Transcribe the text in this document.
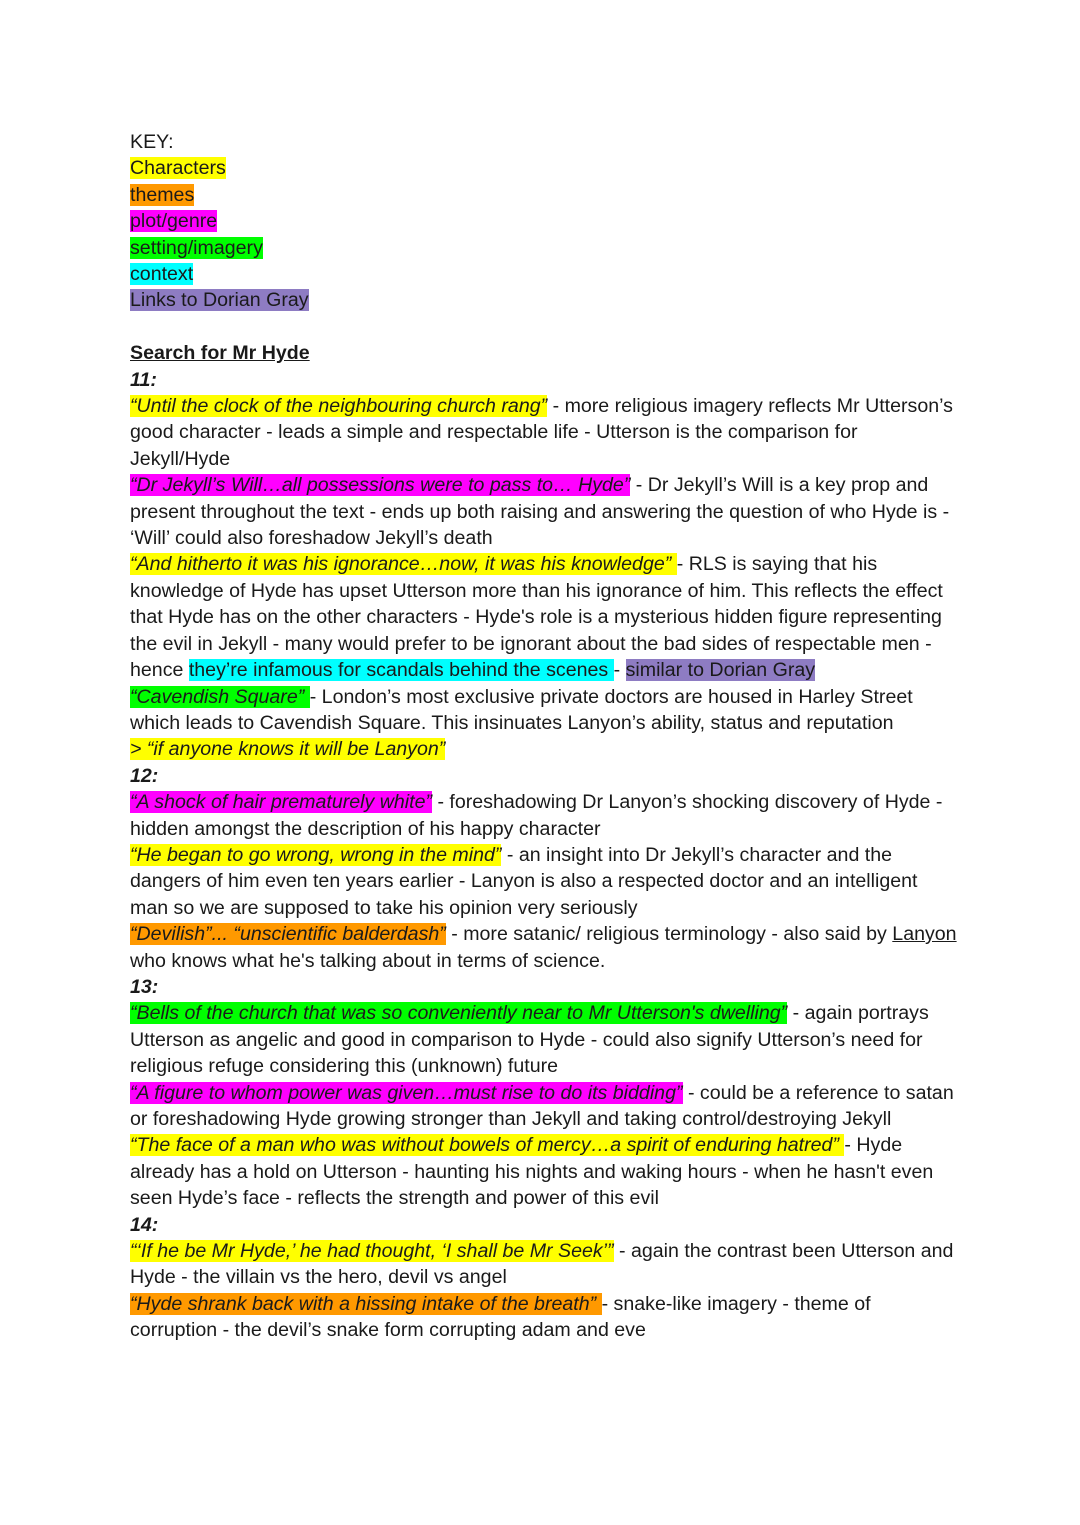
KEY:

Characters

themes

plot/genre

setting/imagery

context

Links to Dorian Gray

Search for Mr Hyde

11:

“Until the clock of the neighbouring church rang” - more religious imagery reflects Mr Utterson’s good character - leads a simple and respectable life - Utterson is the comparison for Jekyll/Hyde

“Dr Jekyll’s Will…all possessions were to pass to… Hyde” - Dr Jekyll’s Will is a key prop and present throughout the text - ends up both raising and answering the question of who Hyde is - ‘Will’ could also foreshadow Jekyll’s death

“And hitherto it was his ignorance…now, it was his knowledge” - RLS is saying that his knowledge of Hyde has upset Utterson more than his ignorance of him. This reflects the effect that Hyde has on the other characters - Hyde's role is a mysterious hidden figure representing the evil in Jekyll - many would prefer to be ignorant about the bad sides of respectable men - hence they’re infamous for scandals behind the scenes - similar to Dorian Gray

“Cavendish Square” - London’s most exclusive private doctors are housed in Harley Street which leads to Cavendish Square. This insinuates Lanyon’s ability, status and reputation

> “if anyone knows it will be Lanyon”

12:

“A shock of hair prematurely white” - foreshadowing Dr Lanyon’s shocking discovery of Hyde - hidden amongst the description of his happy character

“He began to go wrong, wrong in the mind” - an insight into Dr Jekyll’s character and the dangers of him even ten years earlier - Lanyon is also a respected doctor and an intelligent man so we are supposed to take his opinion very seriously

“Devilish”... “unscientific balderdash” - more satanic/ religious terminology - also said by Lanyon who knows what he's talking about in terms of science.

13:

“Bells of the church that was so conveniently near to Mr Utterson's dwelling” - again portrays Utterson as angelic and good in comparison to Hyde - could also signify Utterson’s need for religious refuge considering this (unknown) future

“A figure to whom power was given…must rise to do its bidding” - could be a reference to satan or foreshadowing Hyde growing stronger than Jekyll and taking control/destroying Jekyll

“The face of a man who was without bowels of mercy…a spirit of enduring hatred” - Hyde already has a hold on Utterson - haunting his nights and waking hours - when he hasn't even seen Hyde’s face - reflects the strength and power of this evil

14:

“‘If he be Mr Hyde,’ he had thought, ‘I shall be Mr Seek’” - again the contrast been Utterson and Hyde - the villain vs the hero, devil vs angel

“Hyde shrank back with a hissing intake of the breath” - snake-like imagery - theme of corruption - the devil’s snake form corrupting adam and eve
